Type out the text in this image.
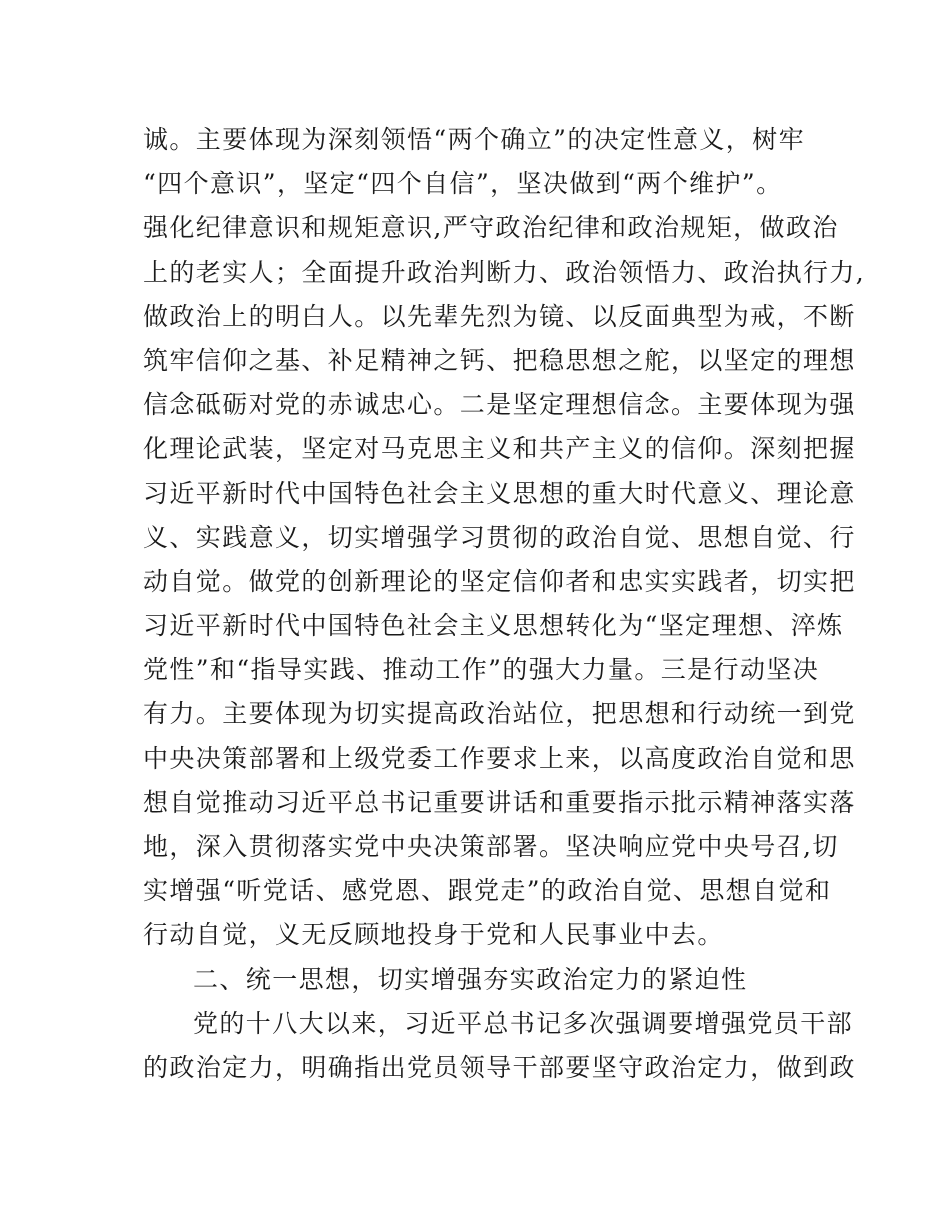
诚。主要体现为深刻领悟“两个确立”的决定性意义，树牢
“四个意识”，坚定“四个自信”，坚决做到“两个维护”。
强化纪律意识和规矩意识,严守政治纪律和政治规矩，做政治
上的老实人；全面提升政治判断力、政治领悟力、政治执行力,
做政治上的明白人。以先辈先烈为镜、以反面典型为戒，不断
筑牢信仰之基、补足精神之钙、把稳思想之舵，以坚定的理想
信念砥砺对党的赤诚忠心。二是坚定理想信念。主要体现为强
化理论武装，坚定对马克思主义和共产主义的信仰。深刻把握
习近平新时代中国特色社会主义思想的重大时代意义、理论意
义、实践意义，切实增强学习贯彻的政治自觉、思想自觉、行
动自觉。做党的创新理论的坚定信仰者和忠实实践者，切实把
习近平新时代中国特色社会主义思想转化为“坚定理想、淬炼
党性”和“指导实践、推动工作”的强大力量。三是行动坚决
有力。主要体现为切实提高政治站位，把思想和行动统一到党
中央决策部署和上级党委工作要求上来，以高度政治自觉和思
想自觉推动习近平总书记重要讲话和重要指示批示精神落实落
地，深入贯彻落实党中央决策部署。坚决响应党中央号召,切
实增强“听党话、感党恩、跟党走”的政治自觉、思想自觉和
行动自觉，义无反顾地投身于党和人民事业中去。
二、统一思想，切实增强夯实政治定力的紧迫性
党的十八大以来，习近平总书记多次强调要增强党员干部
的政治定力，明确指出党员领导干部要坚守政治定力，做到政
